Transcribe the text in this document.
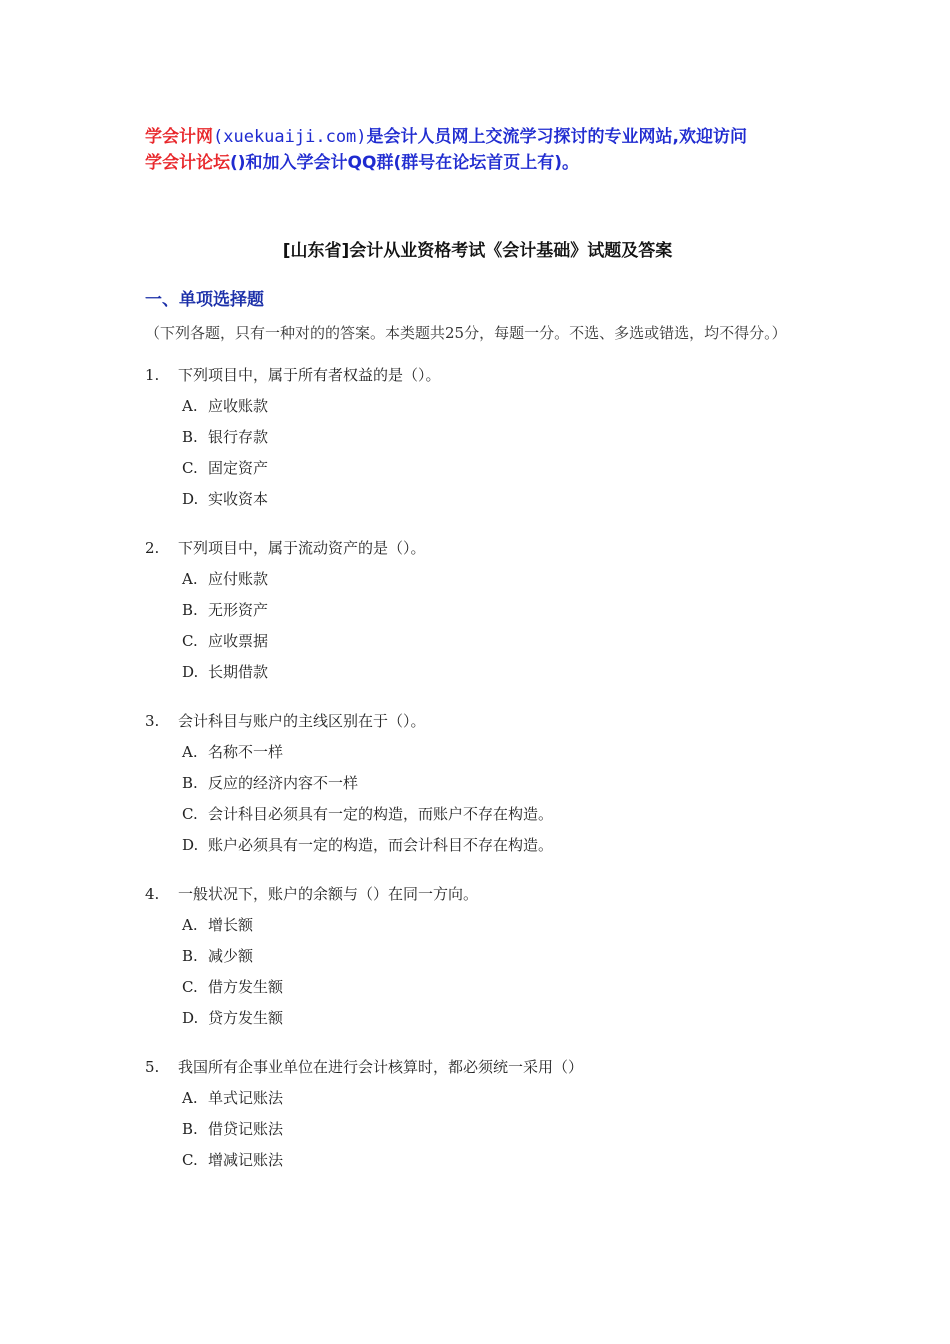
学会计网(xuekuaiji.com)是会计人员网上交流学习探讨的专业网站,欢迎访问
学会计论坛()和加入学会计QQ群(群号在论坛首页上有)。

[山东省]会计从业资格考试《会计基础》试题及答案
一、单项选择题
（下列各题，只有一种对的的答案。本类题共25分，每题一分。不选、多选或错选，均不得分。）
1.	下列项目中，属于所有者权益的是（）。
A. 应收账款
B. 银行存款
C. 固定资产
D. 实收资本
2.	下列项目中，属于流动资产的是（）。
A. 应付账款
B. 无形资产
C. 应收票据
D. 长期借款
3.	会计科目与账户的主线区别在于（）。
A. 名称不一样
B. 反应的经济内容不一样
C. 会计科目必须具有一定的构造，而账户不存在构造。
D. 账户必须具有一定的构造，而会计科目不存在构造。
4.	一般状况下，账户的余额与（）在同一方向。
A. 增长额
B. 减少额
C. 借方发生额
D. 贷方发生额
5.	我国所有企事业单位在进行会计核算时，都必须统一采用（）
A. 单式记账法
B. 借贷记账法
C. 增减记账法
